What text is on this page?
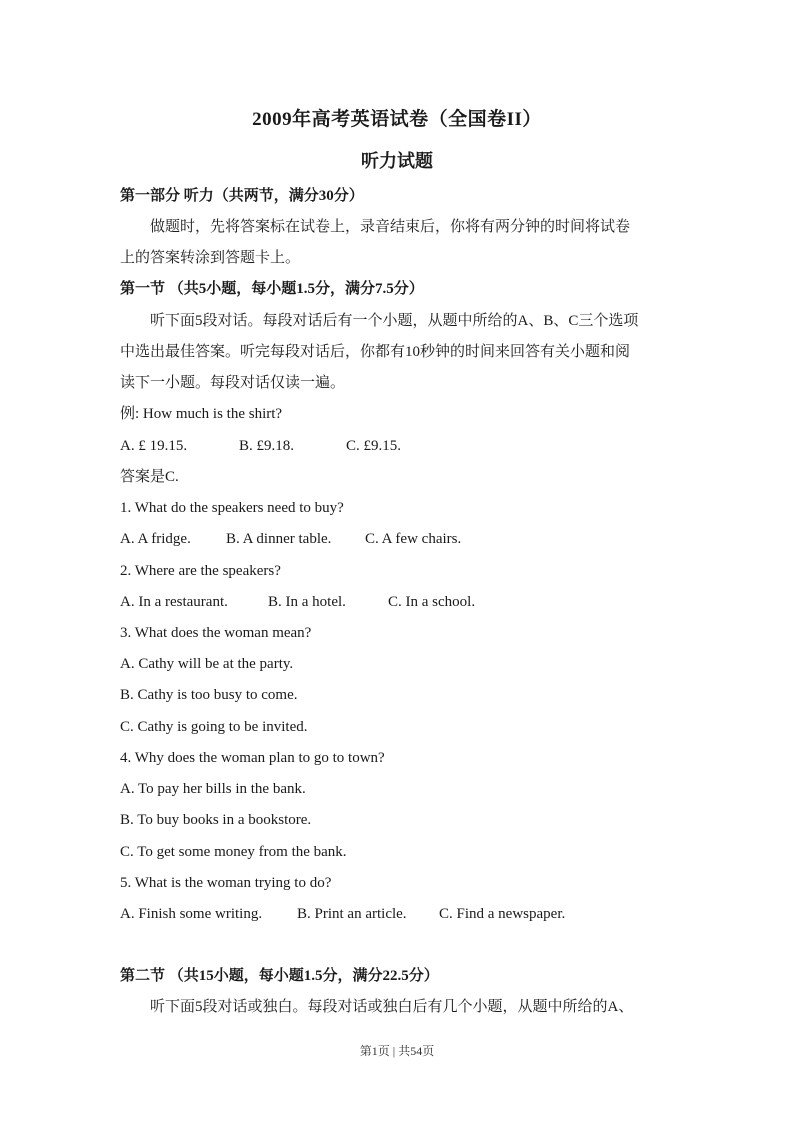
2009年高考英语试卷（全国卷II）
听力试题
第一部分 听力（共两节，满分30分）
做题时，先将答案标在试卷上，录音结束后，你将有两分钟的时间将试卷
上的答案转涂到答题卡上。
第一节 （共5小题，每小题1.5分，满分7.5分）
听下面5段对话。每段对话后有一个小题，从题中所给的A、B、C三个选项
中选出最佳答案。听完每段对话后，你都有10秒钟的时间来回答有关小题和阅
读下一小题。每段对话仅读一遍。
例: How much is the shirt?
A. £ 19.15.	B. £9.18.	C. £9.15.
答案是C.
1. What do the speakers need to buy?
A. A fridge. B. A dinner table. C. A few chairs.
2. Where are the speakers?
A. In a restaurant.	B. In a hotel.	C. In a school.
3. What does the woman mean?
A. Cathy will be at the party.
B. Cathy is too busy to come.
C. Cathy is going to be invited.
4. Why does the woman plan to go to town?
A. To pay her bills in the bank.
B. To buy books in a bookstore.
C. To get some money from the bank.
5. What is the woman trying to do?
A. Finish some writing. B. Print an article. C. Find a newspaper.
第二节 （共15小题，每小题1.5分，满分22.5分）
听下面5段对话或独白。每段对话或独白后有几个小题，从题中所给的A、
第1页 | 共54页
